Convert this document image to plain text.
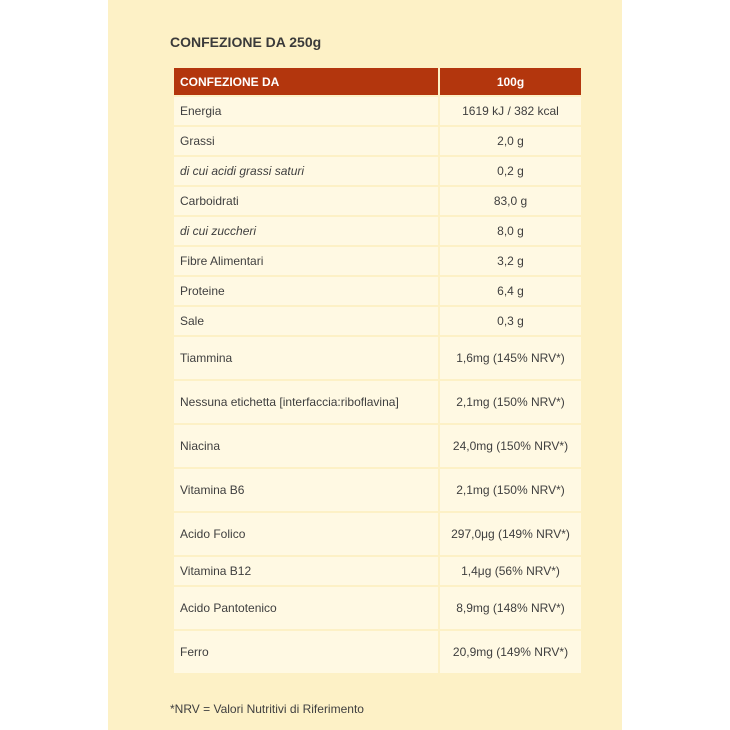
CONFEZIONE DA 250g
CONFEZIONE DA	100g
Energia	1619 kJ / 382 kcal
Grassi	2,0 g
di cui acidi grassi saturi	0,2 g
Carboidrati	83,0 g
di cui zuccheri	8,0 g
Fibre Alimentari	3,2 g
Proteine	6,4 g
Sale	0,3 g
Tiammina	1,6mg (145% NRV*)
Nessuna etichetta [interfaccia:riboflavina]	2,1mg (150% NRV*)
Niacina	24,0mg (150% NRV*)
Vitamina B6	2,1mg (150% NRV*)
Acido Folico	297,0μg (149% NRV*)
Vitamina B12	1,4μg (56% NRV*)
Acido Pantotenico	8,9mg (148% NRV*)
Ferro	20,9mg (149% NRV*)
*NRV = Valori Nutritivi di Riferimento
